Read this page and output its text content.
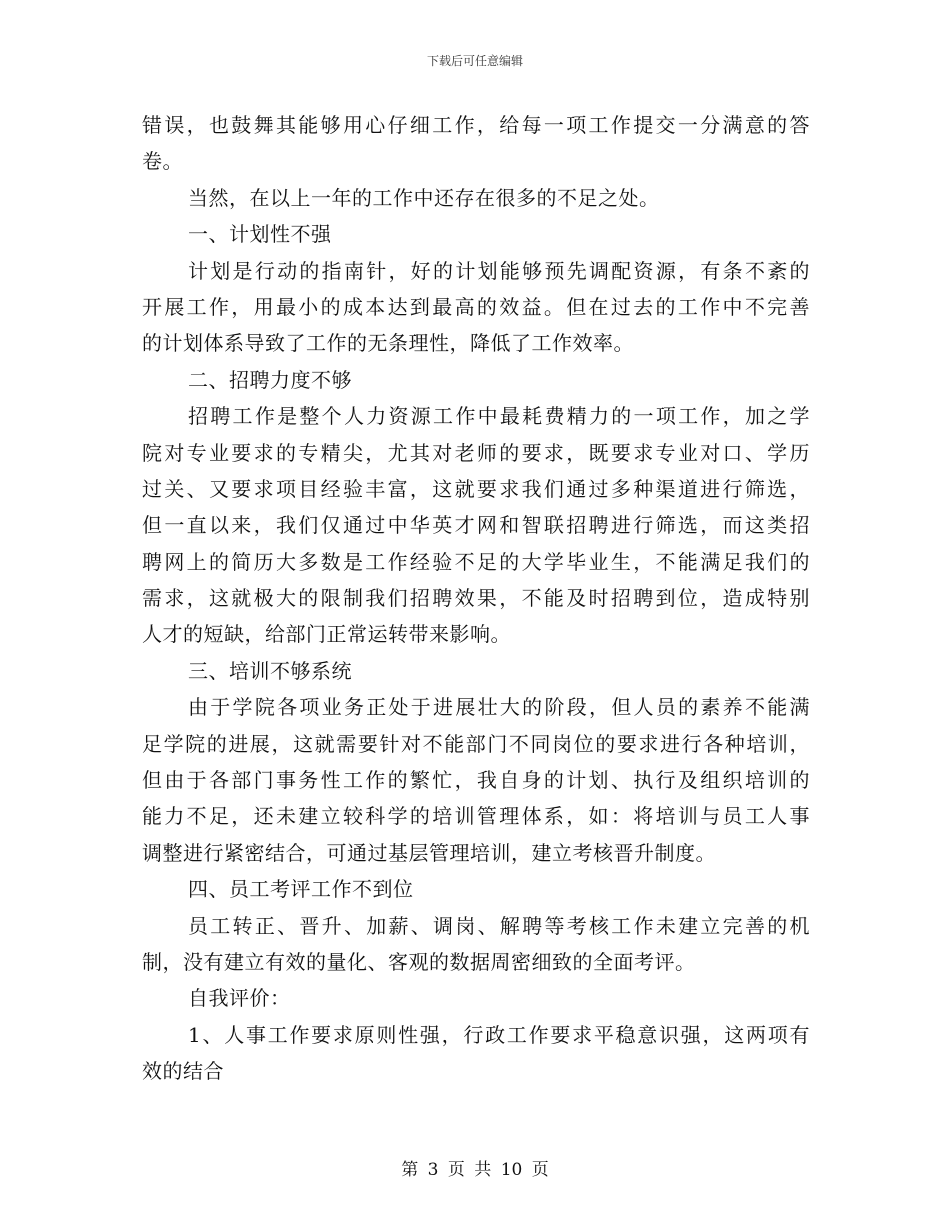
下载后可任意编辑
错误，也鼓舞其能够用心仔细工作，给每一项工作提交一分满意的答
卷。
当然，在以上一年的工作中还存在很多的不足之处。
一、计划性不强
计划是行动的指南针，好的计划能够预先调配资源，有条不紊的
开展工作，用最小的成本达到最高的效益。但在过去的工作中不完善
的计划体系导致了工作的无条理性，降低了工作效率。
二、招聘力度不够
招聘工作是整个人力资源工作中最耗费精力的一项工作，加之学
院对专业要求的专精尖，尤其对老师的要求，既要求专业对口、学历
过关、又要求项目经验丰富，这就要求我们通过多种渠道进行筛选，
但一直以来，我们仅通过中华英才网和智联招聘进行筛选，而这类招
聘网上的简历大多数是工作经验不足的大学毕业生，不能满足我们的
需求，这就极大的限制我们招聘效果，不能及时招聘到位，造成特别
人才的短缺，给部门正常运转带来影响。
三、培训不够系统
由于学院各项业务正处于进展壮大的阶段，但人员的素养不能满
足学院的进展，这就需要针对不能部门不同岗位的要求进行各种培训，
但由于各部门事务性工作的繁忙，我自身的计划、执行及组织培训的
能力不足，还未建立较科学的培训管理体系，如：将培训与员工人事
调整进行紧密结合，可通过基层管理培训，建立考核晋升制度。
四、员工考评工作不到位
员工转正、晋升、加薪、调岗、解聘等考核工作未建立完善的机
制，没有建立有效的量化、客观的数据周密细致的全面考评。
自我评价：
1、人事工作要求原则性强，行政工作要求平稳意识强，这两项有
效的结合
第 3 页 共 10 页
